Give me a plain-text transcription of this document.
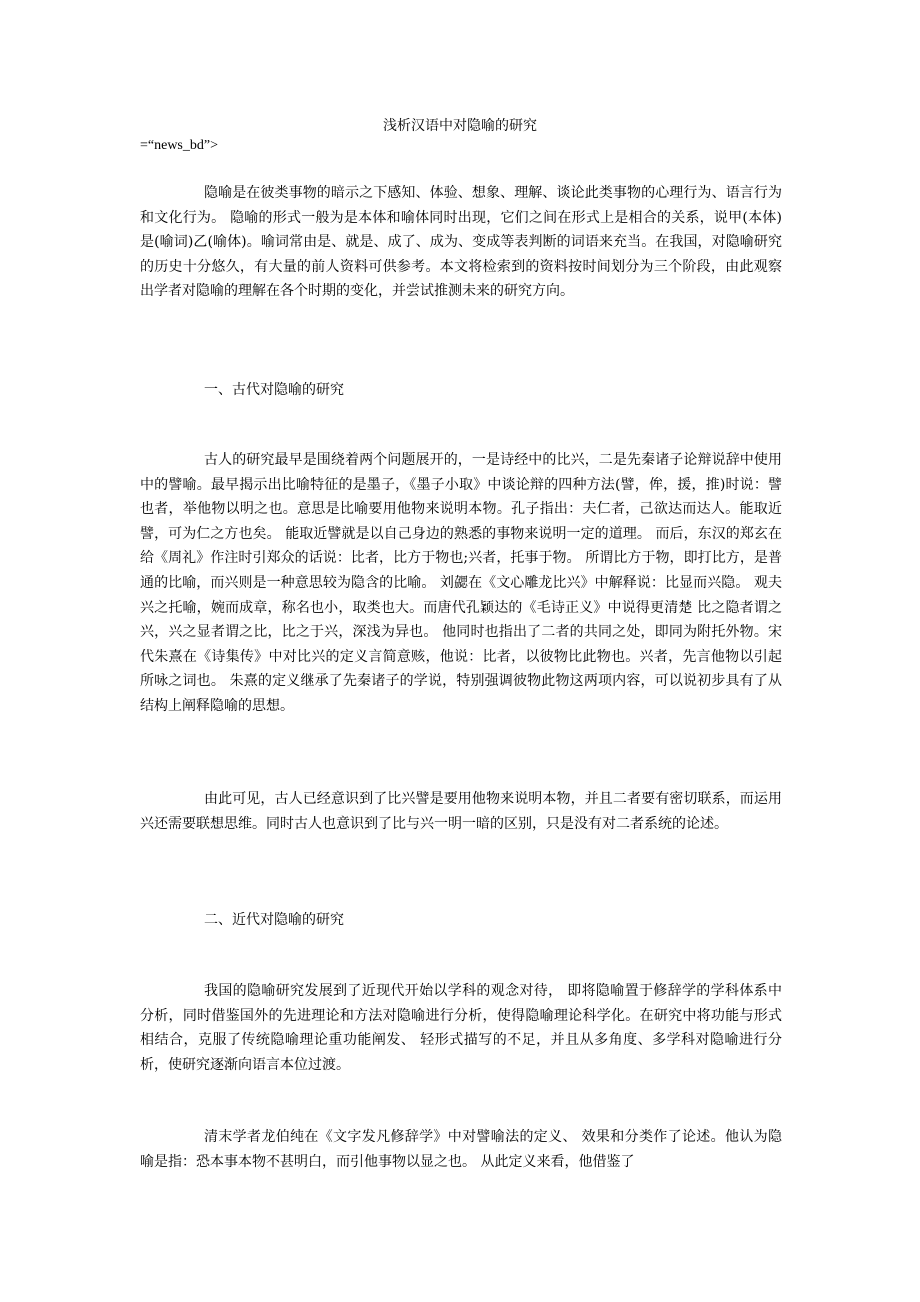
浅析汉语中对隐喻的研究
=“news_bd”>

隐喻是在彼类事物的暗示之下感知、体验、想象、理解、谈论此类事物的心理行为、语言行为和文化行为。 隐喻的形式一般为是本体和喻体同时出现，它们之间在形式上是相合的关系，说甲(本体)是(喻词)乙(喻体)。喻词常由是、就是、成了、成为、变成等表判断的词语来充当。在我国，对隐喻研究的历史十分悠久，有大量的前人资料可供参考。本文将检索到的资料按时间划分为三个阶段，由此观察出学者对隐喻的理解在各个时期的变化，并尝试推测未来的研究方向。

一、古代对隐喻的研究

古人的研究最早是围绕着两个问题展开的，一是诗经中的比兴，二是先秦诸子论辩说辞中使用中的譬喻。最早揭示出比喻特征的是墨子，《墨子小取》中谈论辩的四种方法(譬，侔，援，推)时说：譬也者，举他物以明之也。意思是比喻要用他物来说明本物。孔子指出：夫仁者，己欲达而达人。能取近譬，可为仁之方也矣。 能取近譬就是以自己身边的熟悉的事物来说明一定的道理。 而后，东汉的郑玄在给《周礼》作注时引郑众的话说：比者，比方于物也;兴者，托事于物。 所谓比方于物，即打比方，是普通的比喻，而兴则是一种意思较为隐含的比喻。 刘勰在《文心雕龙比兴》中解释说：比显而兴隐。 观夫兴之托喻，婉而成章，称名也小，取类也大。而唐代孔颖达的《毛诗正义》中说得更清楚 比之隐者谓之兴，兴之显者谓之比，比之于兴，深浅为异也。 他同时也指出了二者的共同之处，即同为附托外物。宋代朱熹在《诗集传》中对比兴的定义言简意赅，他说：比者，以彼物比此物也。兴者，先言他物以引起所咏之词也。 朱熹的定义继承了先秦诸子的学说，特别强调彼物此物这两项内容，可以说初步具有了从结构上阐释隐喻的思想。

由此可见，古人已经意识到了比兴譬是要用他物来说明本物，并且二者要有密切联系，而运用兴还需要联想思维。同时古人也意识到了比与兴一明一暗的区别，只是没有对二者系统的论述。

二、近代对隐喻的研究

我国的隐喻研究发展到了近现代开始以学科的观念对待， 即将隐喻置于修辞学的学科体系中分析，同时借鉴国外的先进理论和方法对隐喻进行分析，使得隐喻理论科学化。在研究中将功能与形式相结合，克服了传统隐喻理论重功能阐发、 轻形式描写的不足，并且从多角度、多学科对隐喻进行分析，使研究逐渐向语言本位过渡。

清末学者龙伯纯在《文字发凡修辞学》中对譬喻法的定义、 效果和分类作了论述。他认为隐喻是指：恐本事本物不甚明白，而引他事物以显之也。 从此定义来看，他借鉴了
